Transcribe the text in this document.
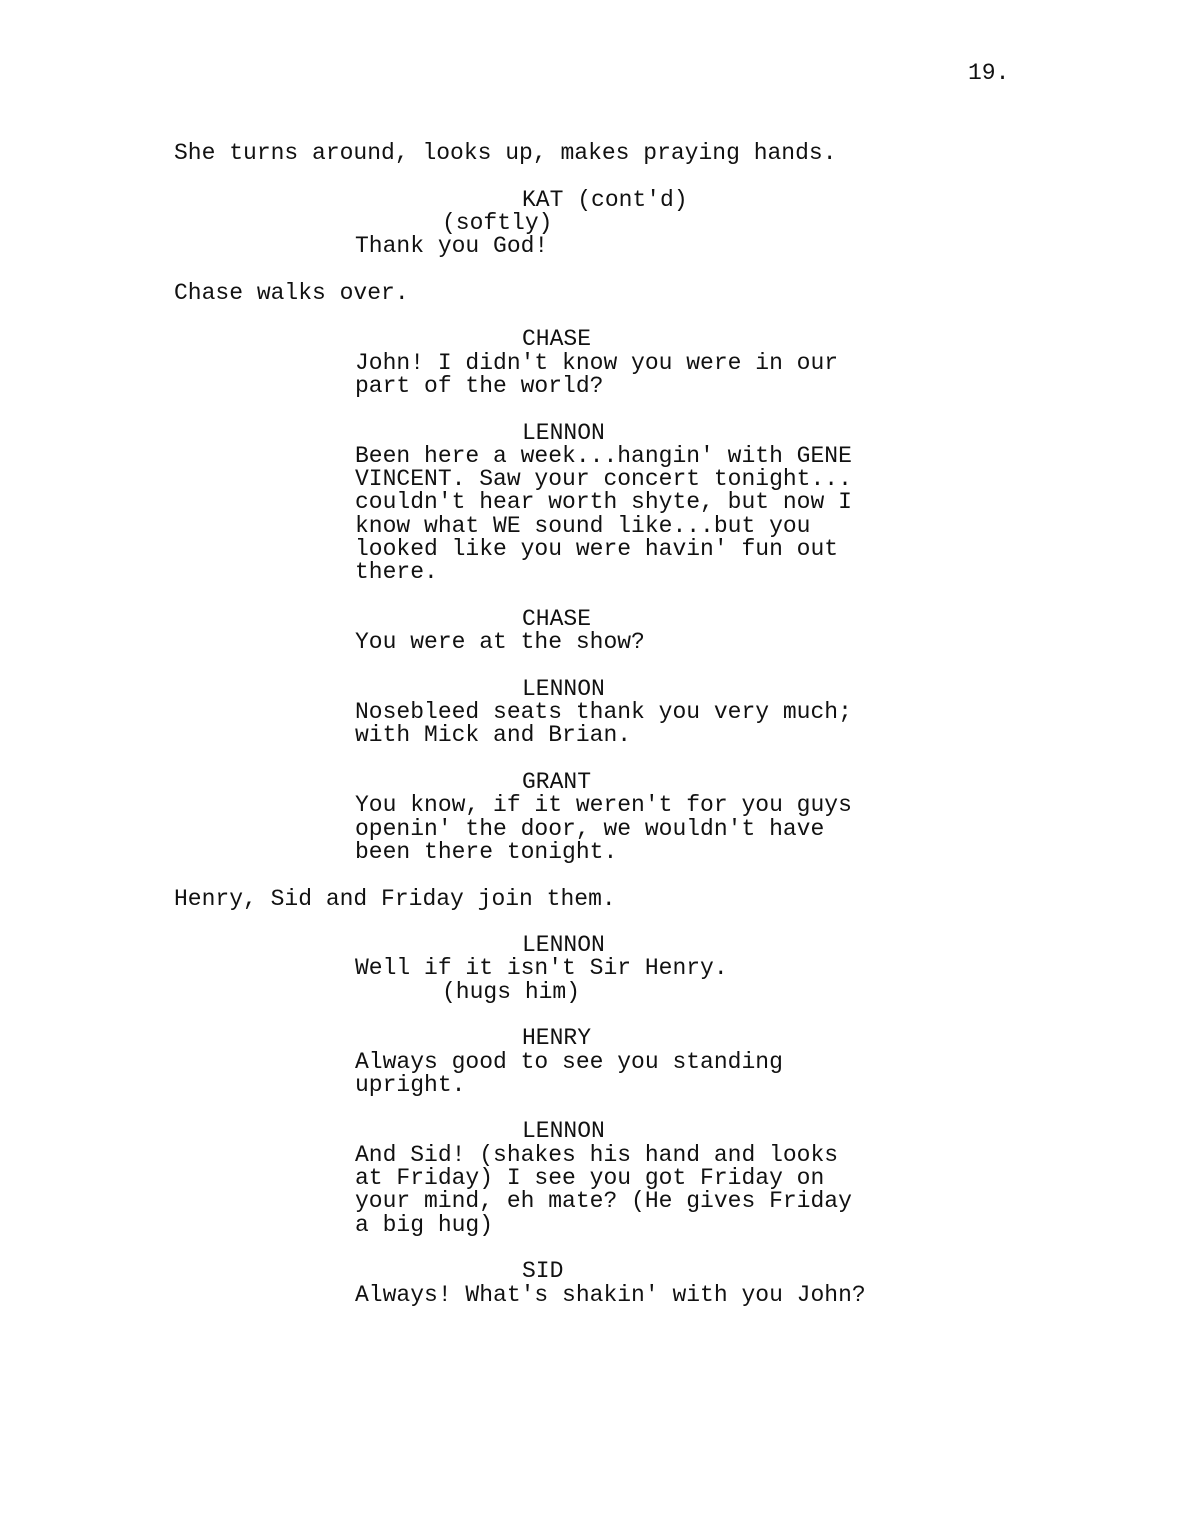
19.
She turns around, looks up, makes praying hands.
KAT (cont'd)
(softly)
Thank you God!
Chase walks over.
CHASE
John! I didn't know you were in our
part of the world?
LENNON
Been here a week...hangin' with GENE
VINCENT. Saw your concert tonight...
couldn't hear worth shyte, but now I
know what WE sound like...but you
looked like you were havin' fun out
there.
CHASE
You were at the show?
LENNON
Nosebleed seats thank you very much;
with Mick and Brian.
GRANT
You know, if it weren't for you guys
openin' the door, we wouldn't have
been there tonight.
Henry, Sid and Friday join them.
LENNON
Well if it isn't Sir Henry.
(hugs him)
HENRY
Always good to see you standing
upright.
LENNON
And Sid! (shakes his hand and looks
at Friday) I see you got Friday on
your mind, eh mate? (He gives Friday
a big hug)
SID
Always! What's shakin' with you John?
